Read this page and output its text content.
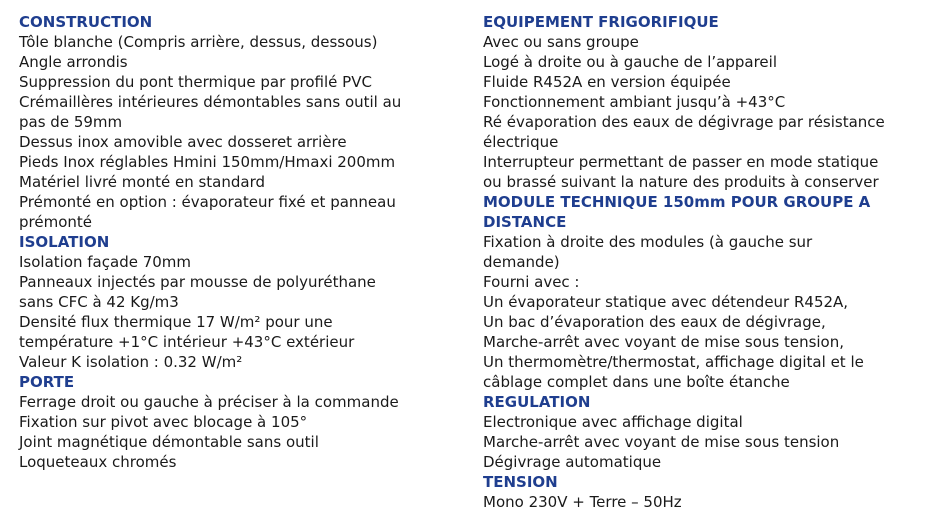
CONSTRUCTION
Tôle blanche (Compris arrière, dessus, dessous)
Angle arrondis
Suppression du pont thermique par profilé PVC
Crémaillères intérieures démontables sans outil au
pas de 59mm
Dessus inox amovible avec dosseret arrière
Pieds Inox réglables Hmini 150mm/Hmaxi 200mm
Matériel livré monté en standard
Prémonté en option : évaporateur fixé et panneau
prémonté
ISOLATION
Isolation façade 70mm
Panneaux injectés par mousse de polyuréthane
sans CFC à 42 Kg/m3
Densité flux thermique 17 W/m² pour une
température +1°C intérieur +43°C extérieur
Valeur K isolation : 0.32 W/m²
PORTE
Ferrage droit ou gauche à préciser à la commande
Fixation sur pivot avec blocage à 105°
Joint magnétique démontable sans outil
Loqueteaux chromés
EQUIPEMENT FRIGORIFIQUE
Avec ou sans groupe
Logé à droite ou à gauche de l’appareil
Fluide R452A en version équipée
Fonctionnement ambiant jusqu’à +43°C
Ré évaporation des eaux de dégivrage par résistance
électrique
Interrupteur permettant de passer en mode statique
ou brassé suivant la nature des produits à conserver
MODULE TECHNIQUE 150mm POUR GROUPE A
DISTANCE
Fixation à droite des modules (à gauche sur
demande)
Fourni avec :
Un évaporateur statique avec détendeur R452A,
Un bac d’évaporation des eaux de dégivrage,
Marche-arrêt avec voyant de mise sous tension,
Un thermomètre/thermostat, affichage digital et le
câblage complet dans une boîte étanche
REGULATION
Electronique avec affichage digital
Marche-arrêt avec voyant de mise sous tension
Dégivrage automatique
TENSION
Mono 230V + Terre – 50Hz
